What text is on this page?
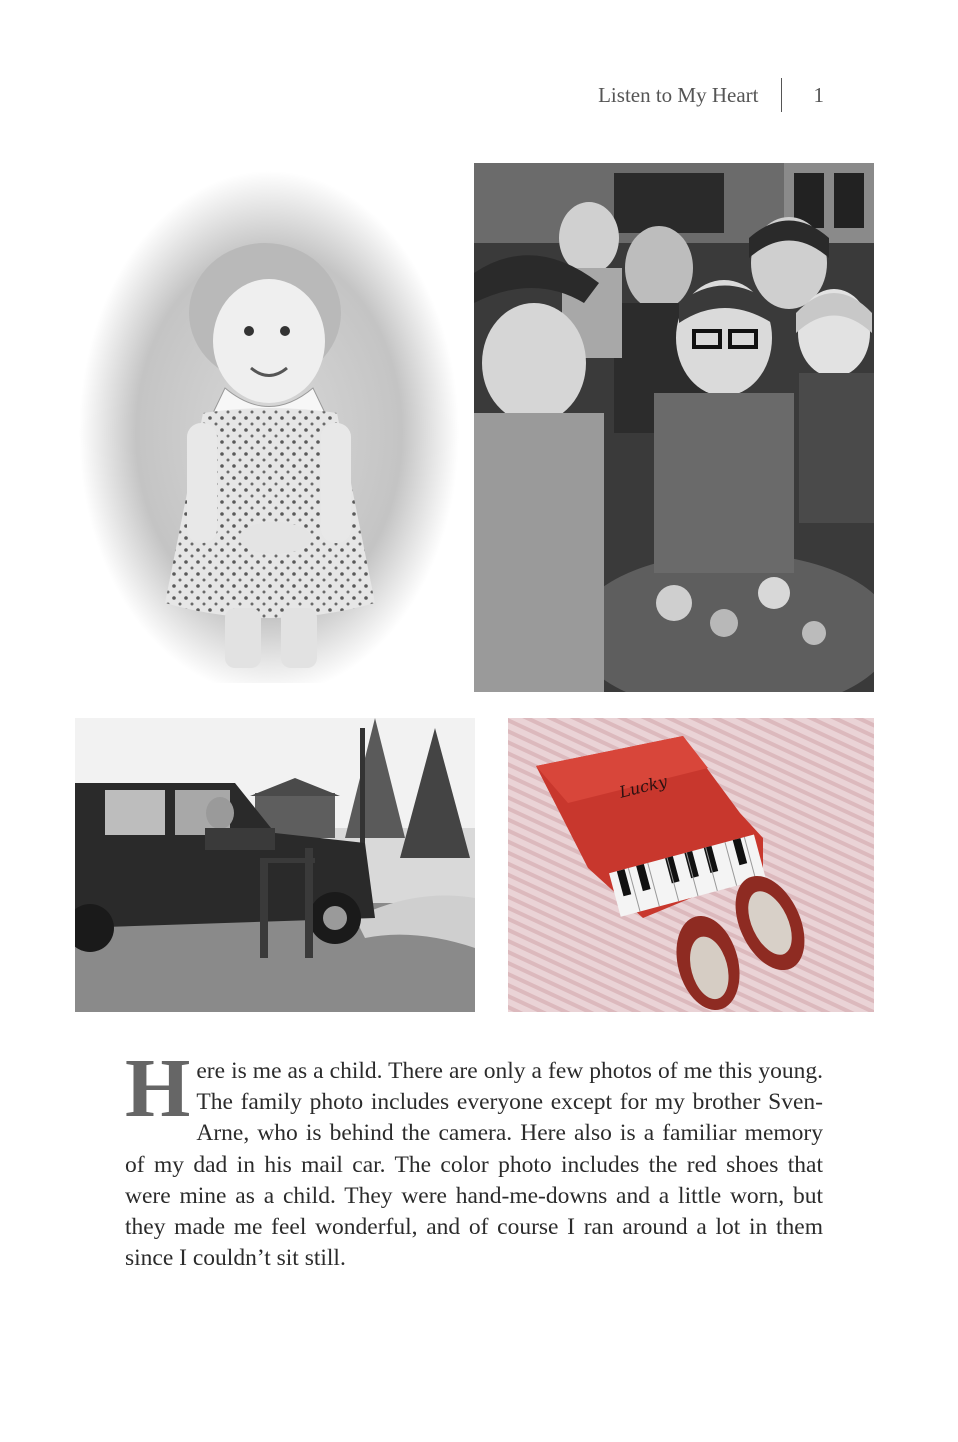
Listen to My Heart	1
Lucky
Here is me as a child. There are only a few photos of me this young. The family photo includes everyone except for my brother Sven-Arne, who is behind the camera. Here also is a familiar memory of my dad in his mail car. The color photo includes the red shoes that were mine as a child. They were hand-me-downs and a little worn, but they made me feel wonderful, and of course I ran around a lot in them since I couldn’t sit still.
